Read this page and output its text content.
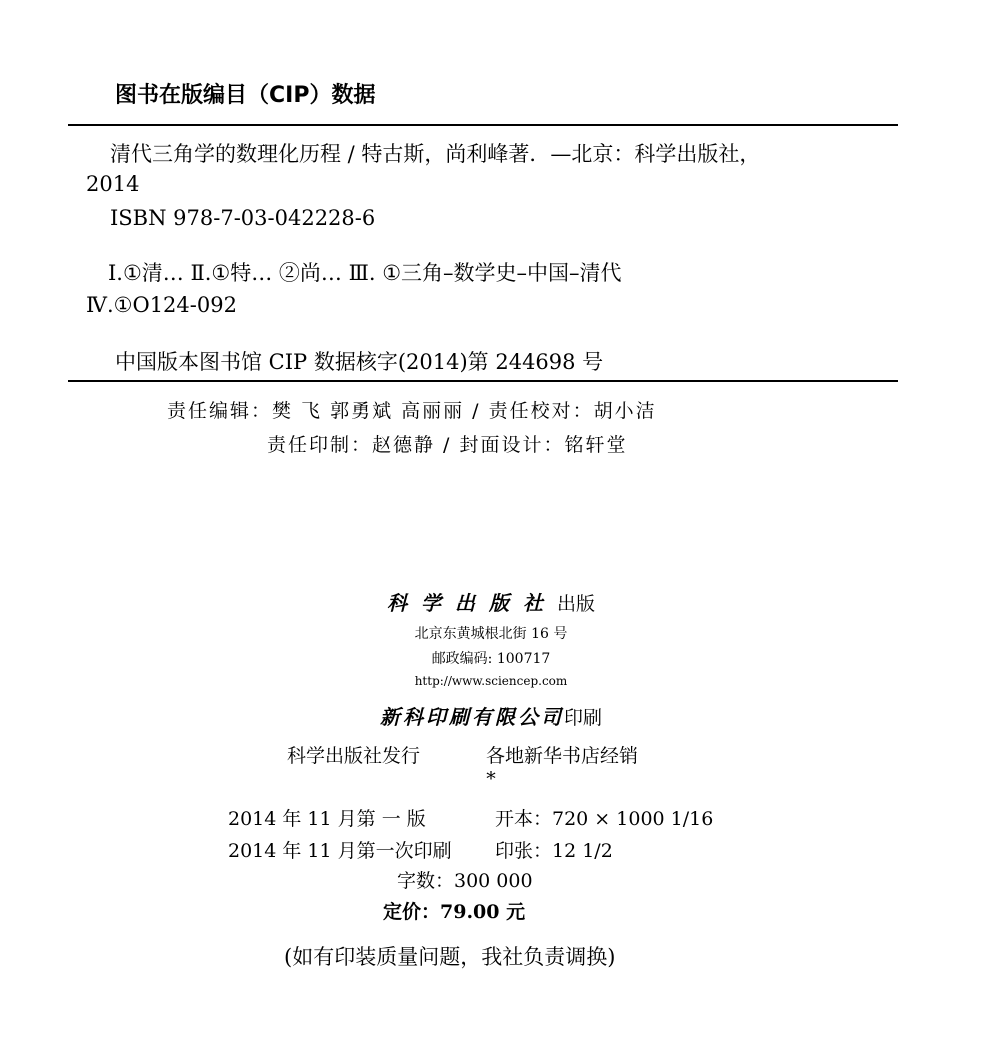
图书在版编目（CIP）数据
清代三角学的数理化历程 / 特古斯，尚利峰著．—北京：科学出版社，
2014
ISBN 978-7-03-042228-6
Ⅰ.①清… Ⅱ.①特… ②尚… Ⅲ. ①三角–数学史–中国–清代
Ⅳ.①O124-092
中国版本图书馆 CIP 数据核字(2014)第 244698 号
责任编辑：樊 飞 郭勇斌 高丽丽 / 责任校对：胡小洁
责任印制：赵德静 / 封面设计：铭轩堂
科学出版社出版
北京东黄城根北街 16 号
邮政编码: 100717
http://www.sciencep.com
新科印刷有限公司印刷
科学出版社发行	各地新华书店经销
*
2014 年 11 月第 一 版	开本：720 × 1000 1/16
2014 年 11 月第一次印刷 印张：12 1/2
字数：300 000
定价：79.00 元
(如有印装质量问题，我社负责调换)
